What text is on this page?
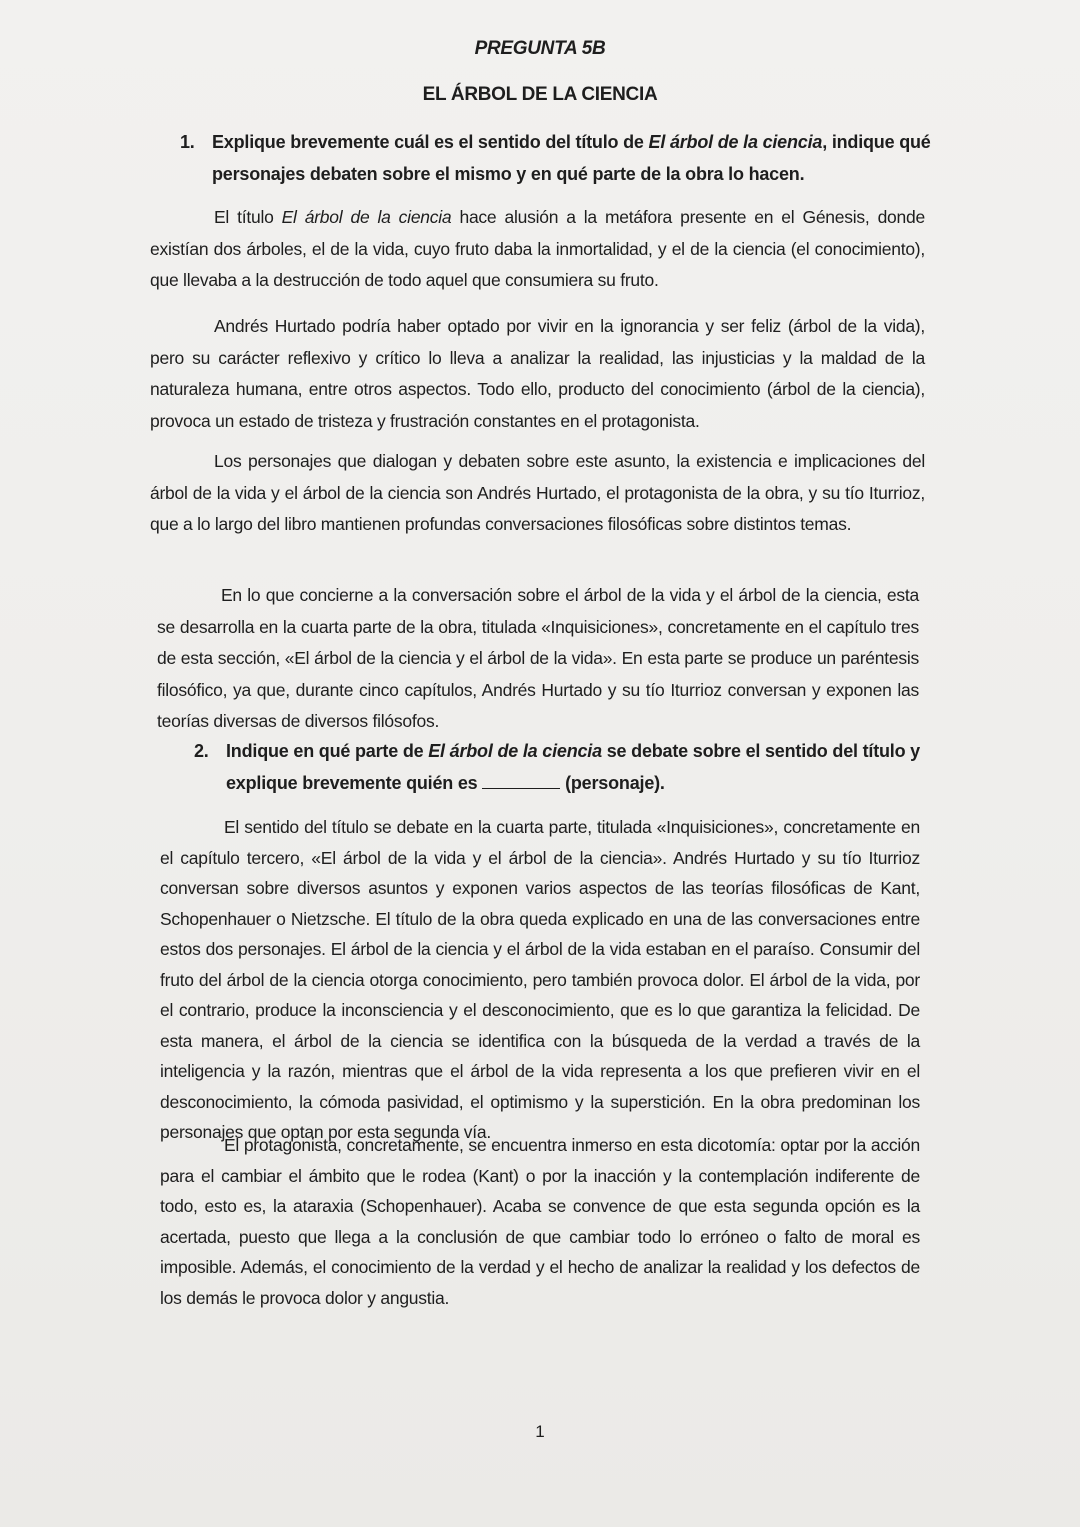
PREGUNTA 5B
EL ÁRBOL DE LA CIENCIA
1. Explique brevemente cuál es el sentido del título de El árbol de la ciencia, indique qué personajes debaten sobre el mismo y en qué parte de la obra lo hacen.

El título El árbol de la ciencia hace alusión a la metáfora presente en el Génesis, donde existían dos árboles, el de la vida, cuyo fruto daba la inmortalidad, y el de la ciencia (el conocimiento), que llevaba a la destrucción de todo aquel que consumiera su fruto.

Andrés Hurtado podría haber optado por vivir en la ignorancia y ser feliz (árbol de la vida), pero su carácter reflexivo y crítico lo lleva a analizar la realidad, las injusticias y la maldad de la naturaleza humana, entre otros aspectos. Todo ello, producto del conocimiento (árbol de la ciencia), provoca un estado de tristeza y frustración constantes en el protagonista.

Los personajes que dialogan y debaten sobre este asunto, la existencia e implicaciones del árbol de la vida y el árbol de la ciencia son Andrés Hurtado, el protagonista de la obra, y su tío Iturrioz, que a lo largo del libro mantienen profundas conversaciones filosóficas sobre distintos temas.

En lo que concierne a la conversación sobre el árbol de la vida y el árbol de la ciencia, esta se desarrolla en la cuarta parte de la obra, titulada «Inquisiciones», concretamente en el capítulo tres de esta sección, «El árbol de la ciencia y el árbol de la vida». En esta parte se produce un paréntesis filosófico, ya que, durante cinco capítulos, Andrés Hurtado y su tío Iturrioz conversan y exponen las teorías diversas de diversos filósofos.

2. Indique en qué parte de El árbol de la ciencia se debate sobre el sentido del título y explique brevemente quién es	(personaje).

El sentido del título se debate en la cuarta parte, titulada «Inquisiciones», concretamente en el capítulo tercero, «El árbol de la vida y el árbol de la ciencia». Andrés Hurtado y su tío Iturrioz conversan sobre diversos asuntos y exponen varios aspectos de las teorías filosóficas de Kant, Schopenhauer o Nietzsche. El título de la obra queda explicado en una de las conversaciones entre estos dos personajes. El árbol de la ciencia y el árbol de la vida estaban en el paraíso. Consumir del fruto del árbol de la ciencia otorga conocimiento, pero también provoca dolor. El árbol de la vida, por el contrario, produce la inconsciencia y el desconocimiento, que es lo que garantiza la felicidad. De esta manera, el árbol de la ciencia se identifica con la búsqueda de la verdad a través de la inteligencia y la razón, mientras que el árbol de la vida representa a los que prefieren vivir en el desconocimiento, la cómoda pasividad, el optimismo y la superstición. En la obra predominan los personajes que optan por esta segunda vía.

El protagonista, concretamente, se encuentra inmerso en esta dicotomía: optar por la acción para el cambiar el ámbito que le rodea (Kant) o por la inacción y la contemplación indiferente de todo, esto es, la ataraxia (Schopenhauer). Acaba se convence de que esta segunda opción es la acertada, puesto que llega a la conclusión de que cambiar todo lo erróneo o falto de moral es imposible. Además, el conocimiento de la verdad y el hecho de analizar la realidad y los defectos de los demás le provoca dolor y angustia.

1
